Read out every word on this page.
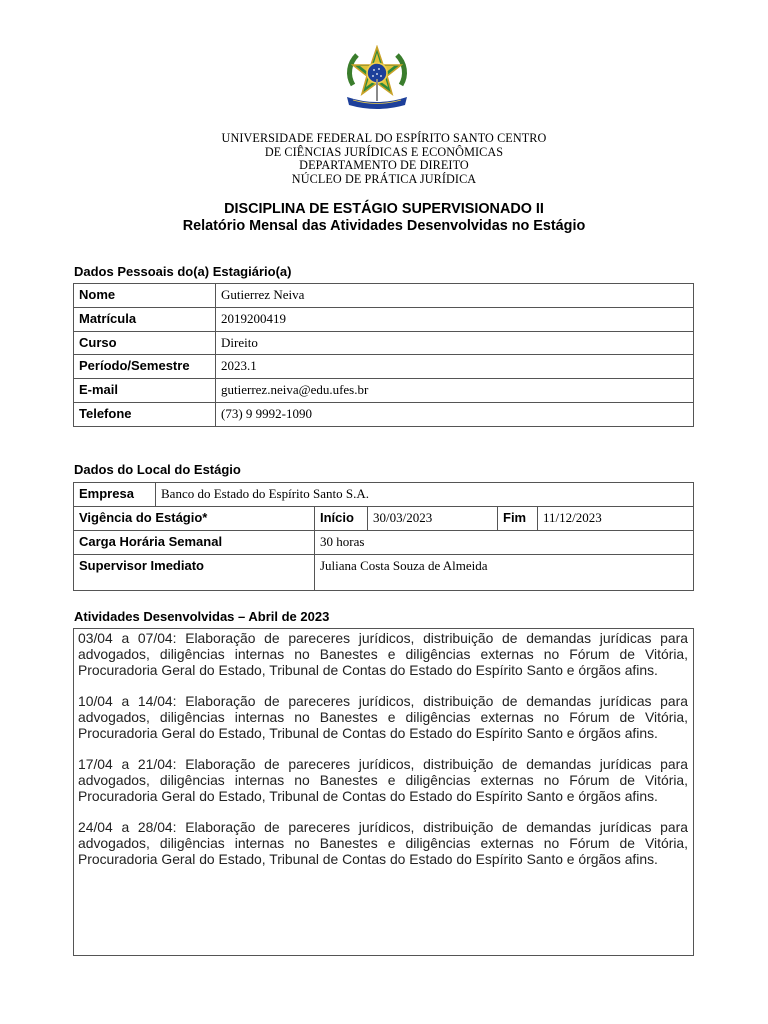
UNIVERSIDADE FEDERAL DO ESPÍRITO SANTO CENTRO
DE CIÊNCIAS JURÍDICAS E ECONÔMICAS
DEPARTAMENTO DE DIREITO
NÚCLEO DE PRÁTICA JURÍDICA
DISCIPLINA DE ESTÁGIO SUPERVISIONADO II
Relatório Mensal das Atividades Desenvolvidas no Estágio
Dados Pessoais do(a) Estagiário(a)
Nome	Gutierrez Neiva
Matrícula	2019200419
Curso	Direito
Período/Semestre	2023.1
E-mail	gutierrez.neiva@edu.ufes.br
Telefone	(73) 9 9992-1090
Dados do Local do Estágio
Empresa	Banco do Estado do Espírito Santo S.A.				
Vigência do Estágio*		Início	30/03/2023	Fim	11/12/2023
Carga Horária Semanal		30 horas			
Supervisor Imediato		Juliana Costa Souza de Almeida			
Atividades Desenvolvidas – Abril de 2023

03/04 a 07/04: Elaboração de pareceres jurídicos, distribuição de demandas jurídicas para advogados, diligências internas no Banestes e diligências externas no Fórum de Vitória, Procuradoria Geral do Estado, Tribunal de Contas do Estado do Espírito Santo e órgãos afins.

10/04 a 14/04: Elaboração de pareceres jurídicos, distribuição de demandas jurídicas para advogados, diligências internas no Banestes e diligências externas no Fórum de Vitória, Procuradoria Geral do Estado, Tribunal de Contas do Estado do Espírito Santo e órgãos afins.

17/04 a 21/04: Elaboração de pareceres jurídicos, distribuição de demandas jurídicas para advogados, diligências internas no Banestes e diligências externas no Fórum de Vitória, Procuradoria Geral do Estado, Tribunal de Contas do Estado do Espírito Santo e órgãos afins.

24/04 a 28/04: Elaboração de pareceres jurídicos, distribuição de demandas jurídicas para advogados, diligências internas no Banestes e diligências externas no Fórum de Vitória, Procuradoria Geral do Estado, Tribunal de Contas do Estado do Espírito Santo e órgãos afins.
